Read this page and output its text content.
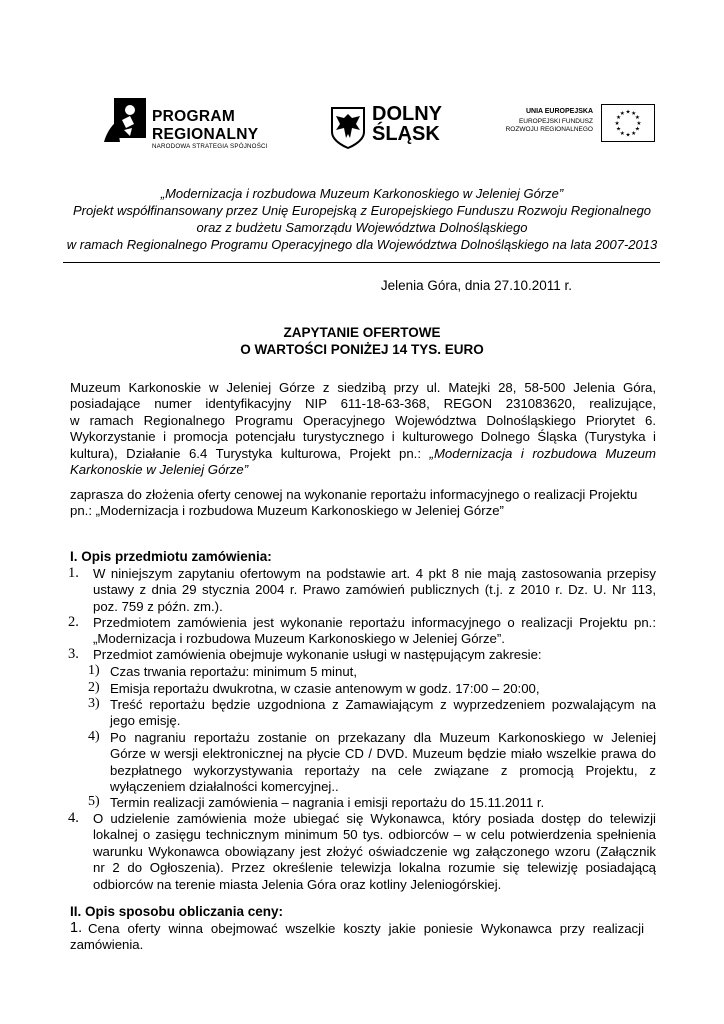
PROGRAM
REGIONALNY
NARODOWA STRATEGIA SPÓJNOŚCI
DOLNY
ŚLĄSK
UNIA EUROPEJSKA
EUROPEJSKI FUNDUSZ
ROZWOJU REGIONALNEGO
★ ★
★
★
★
★
★
★
★
★
★
★
„Modernizacja i rozbudowa Muzeum Karkonoskiego w Jeleniej Górze”
Projekt współfinansowany przez Unię Europejską z Europejskiego Funduszu Rozwoju Regionalnego
oraz z budżetu Samorządu Województwa Dolnośląskiego
w ramach Regionalnego Programu Operacyjnego dla Województwa Dolnośląskiego na lata 2007-2013
Jelenia Góra, dnia 27.10.2011 r.
ZAPYTANIE OFERTOWE
O WARTOŚCI PONIŻEJ 14 TYS. EURO
Muzeum Karkonoskie w Jeleniej Górze z siedzibą przy ul. Matejki 28, 58-500 Jelenia Góra,
posiadające numer identyfikacyjny NIP 611-18-63-368, REGON 231083620, realizujące,
w ramach Regionalnego Programu Operacyjnego Województwa Dolnośląskiego Priorytet 6.
Wykorzystanie i promocja potencjału turystycznego i kulturowego Dolnego Śląska (Turystyka i
kultura), Działanie 6.4 Turystyka kulturowa, Projekt pn.: „Modernizacja i rozbudowa Muzeum
Karkonoskie w Jeleniej Górze”
zaprasza do złożenia oferty cenowej na wykonanie reportażu informacyjnego o realizacji Projektu
pn.: „Modernizacja i rozbudowa Muzeum Karkonoskiego w Jeleniej Górze”
I. Opis przedmiotu zamówienia:
1. W niniejszym zapytaniu ofertowym na podstawie art. 4 pkt 8 nie mają zastosowania przepisy
ustawy z dnia 29 stycznia 2004 r. Prawo zamówień publicznych (t.j. z 2010 r. Dz. U. Nr 113,
poz. 759 z późn. zm.).
2. Przedmiotem zamówienia jest wykonanie reportażu informacyjnego o realizacji Projektu pn.:
„Modernizacja i rozbudowa Muzeum Karkonoskiego w Jeleniej Górze”.
3. Przedmiot zamówienia obejmuje wykonanie usługi w następującym zakresie:
1) Czas trwania reportażu: minimum 5 minut,
2) Emisja reportażu dwukrotna, w czasie antenowym w godz. 17:00 – 20:00,
3) Treść reportażu będzie uzgodniona z Zamawiającym z wyprzedzeniem pozwalającym na
jego emisję.
4) Po nagraniu reportażu zostanie on przekazany dla Muzeum Karkonoskiego w Jeleniej
Górze w wersji elektronicznej na płycie CD / DVD. Muzeum będzie miało wszelkie prawa do
bezpłatnego wykorzystywania reportaży na cele związane z promocją Projektu, z
wyłączeniem działalności komercyjnej..
5) Termin realizacji zamówienia – nagrania i emisji reportażu do 15.11.2011 r.
4. O udzielenie zamówienia może ubiegać się Wykonawca, który posiada dostęp do telewizji
lokalnej o zasięgu technicznym minimum 50 tys. odbiorców – w celu potwierdzenia spełnienia
warunku Wykonawca obowiązany jest złożyć oświadczenie wg załączonego wzoru (Załącznik
nr 2 do Ogłoszenia). Przez określenie telewizja lokalna rozumie się telewizję posiadającą
odbiorców na terenie miasta Jelenia Góra oraz kotliny Jeleniogórskiej.
II. Opis sposobu obliczania ceny:
1. Cena oferty winna obejmować wszelkie koszty jakie poniesie Wykonawca przy realizacji
zamówienia.
